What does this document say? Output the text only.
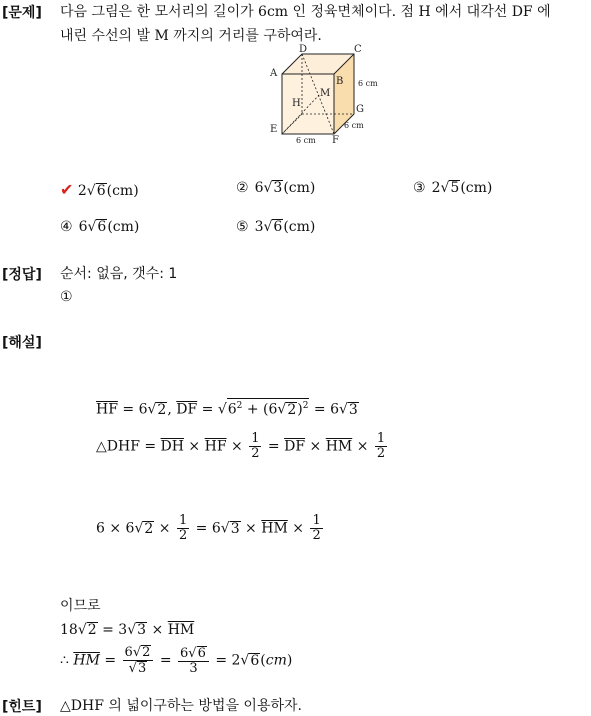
[문제] 다음 그림은 한 모서리의 길이가 6cm 인 정육면체이다. 점 H 에서 대각선 DF 에
내린 수선의 발 M 까지의 거리를 구하여라.
D	C
A
B
M
H
G
E
F
6 cm
6 cm
6 cm
✔ 2√6(cm)	② 6√3(cm)	③ 2√5(cm)
④ 6√6(cm)	⑤ 3√6(cm)
[정답] 순서: 없음, 갯수: 1
①
[해설]
$\overline{HF} = 6√2$, $\overline{DF} = √6^2 + (6√2)^2 = 6√3$
△DHF = $\overline{DH} \times \overline{HF} \times \frac{1}{2} = \overline{DF} \times \overline{HM} \times \frac{1}{2}$
$6 \times 6√2 \times \frac{1}{2} = 6√3 \times \overline{HM} \times \frac{1}{2}$
이므로
$18√2 = 3√3 \times \overline{HM}$
∴ $\overline{HM} = \frac{6√2}{√3} = \frac{6√6}{3} = 2√6(cm)$
[힌트] △DHF 의 넓이구하는 방법을 이용하자.
